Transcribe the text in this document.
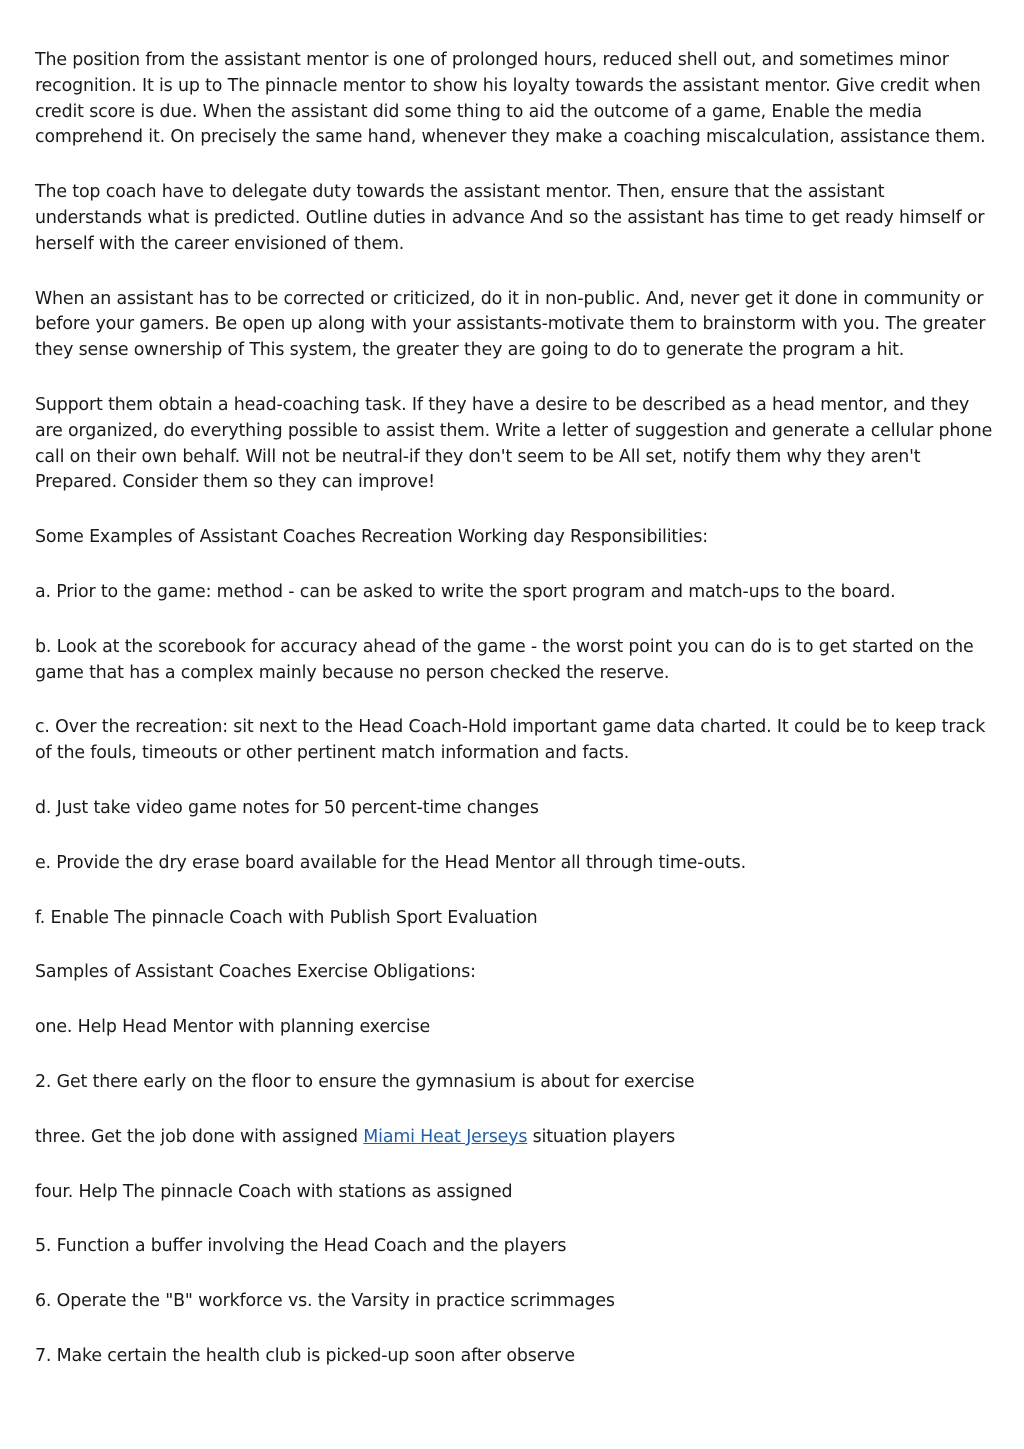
The position from the assistant mentor is one of prolonged hours, reduced shell out, and sometimes minor recognition. It is up to The pinnacle mentor to show his loyalty towards the assistant mentor. Give credit when credit score is due. When the assistant did some thing to aid the outcome of a game, Enable the media comprehend it. On precisely the same hand, whenever they make a coaching miscalculation, assistance them.

The top coach have to delegate duty towards the assistant mentor. Then, ensure that the assistant understands what is predicted. Outline duties in advance And so the assistant has time to get ready himself or herself with the career envisioned of them.

When an assistant has to be corrected or criticized, do it in non-public. And, never get it done in community or before your gamers. Be open up along with your assistants-motivate them to brainstorm with you. The greater they sense ownership of This system, the greater they are going to do to generate the program a hit.

Support them obtain a head-coaching task. If they have a desire to be described as a head mentor, and they are organized, do everything possible to assist them. Write a letter of suggestion and generate a cellular phone call on their own behalf. Will not be neutral-if they don't seem to be All set, notify them why they aren't Prepared. Consider them so they can improve!

Some Examples of Assistant Coaches Recreation Working day Responsibilities:

a. Prior to the game: method - can be asked to write the sport program and match-ups to the board.

b. Look at the scorebook for accuracy ahead of the game - the worst point you can do is to get started on the game that has a complex mainly because no person checked the reserve.

c. Over the recreation: sit next to the Head Coach-Hold important game data charted. It could be to keep track of the fouls, timeouts or other pertinent match information and facts.

d. Just take video game notes for 50 percent-time changes

e. Provide the dry erase board available for the Head Mentor all through time-outs.

f. Enable The pinnacle Coach with Publish Sport Evaluation

Samples of Assistant Coaches Exercise Obligations:

one. Help Head Mentor with planning exercise

2. Get there early on the floor to ensure the gymnasium is about for exercise

three. Get the job done with assigned Miami Heat Jerseys situation players

four. Help The pinnacle Coach with stations as assigned

5. Function a buffer involving the Head Coach and the players

6. Operate the "B" workforce vs. the Varsity in practice scrimmages

7. Make certain the health club is picked-up soon after observe
